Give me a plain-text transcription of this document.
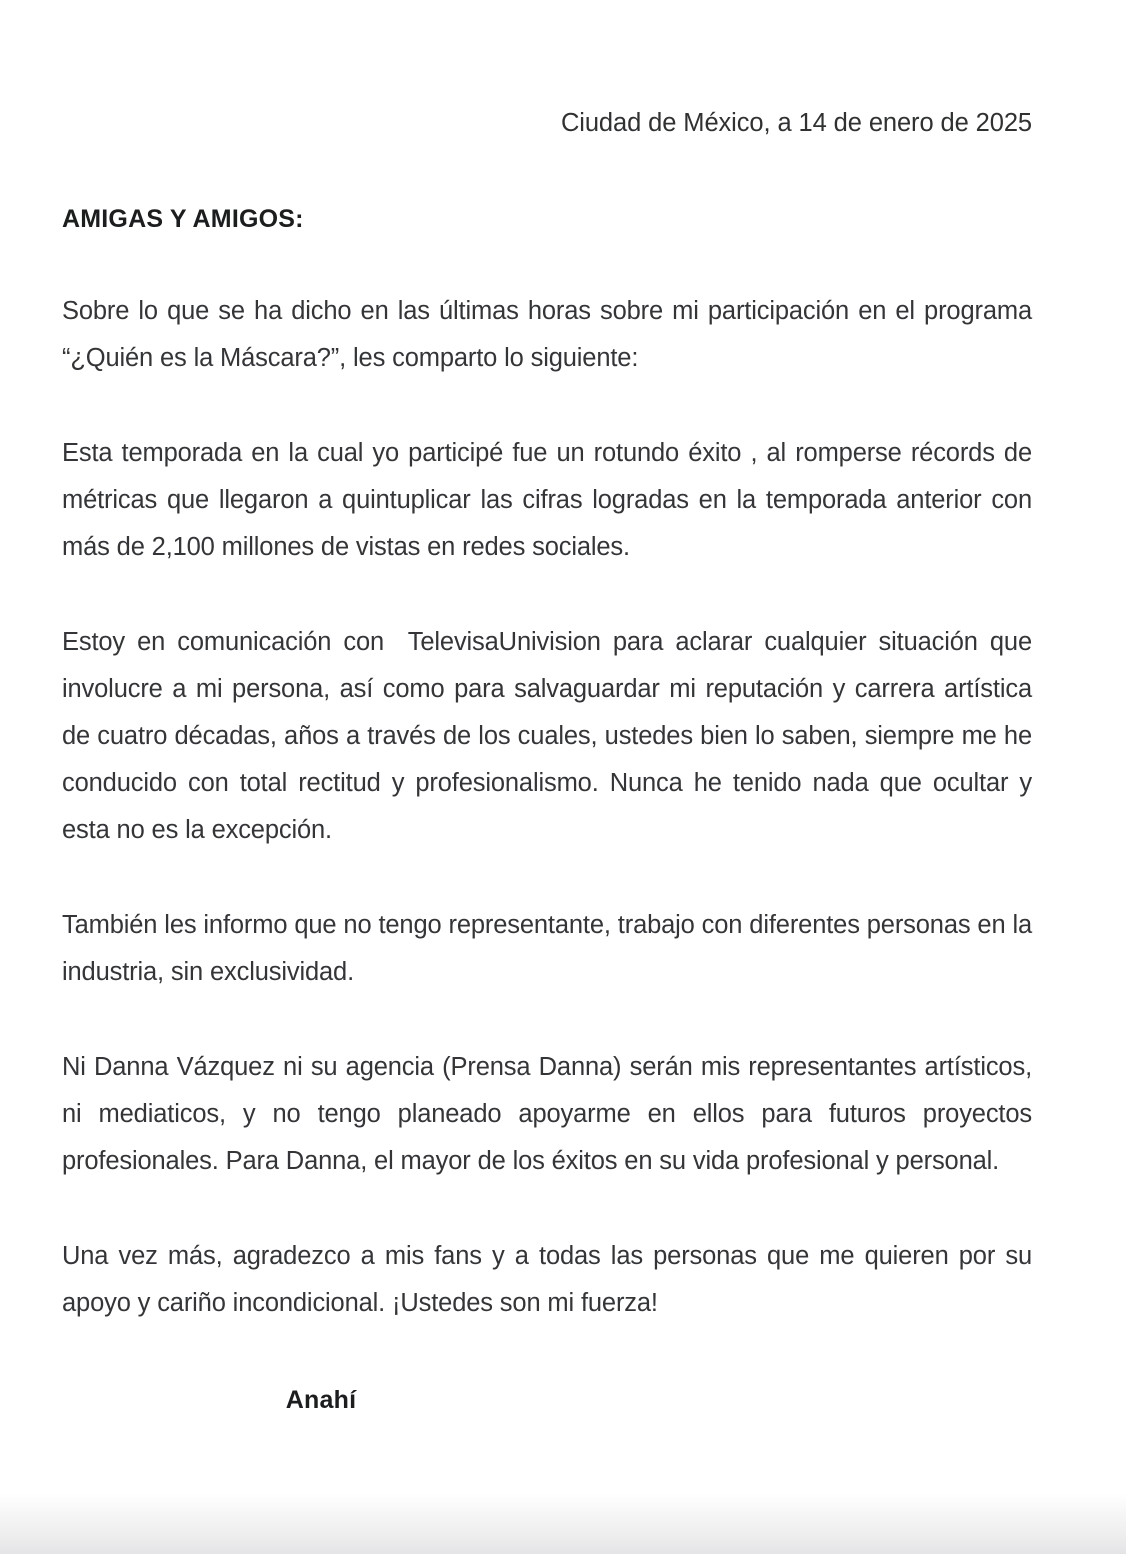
Ciudad de México, a 14 de enero de 2025
AMIGAS Y AMIGOS:

Sobre lo que se ha dicho en las últimas horas sobre mi participación en el programa  “¿Quién es la Máscara?”, les comparto lo siguiente:

Esta temporada en la cual yo participé fue un rotundo éxito , al romperse récords de métricas que llegaron a quintuplicar las cifras logradas en la temporada anterior con más de 2,100 millones de vistas en redes sociales.

Estoy en comunicación con  TelevisaUnivision para aclarar cualquier situación que involucre a mi persona, así como para salvaguardar mi reputación y carrera artística de cuatro décadas, años a través de los cuales, ustedes bien lo saben, siempre me he conducido con total rectitud y profesionalismo. Nunca he tenido nada que ocultar y esta no es la excepción.

También les informo que no tengo representante, trabajo con diferentes personas en la industria, sin exclusividad.

Ni Danna Vázquez ni su agencia (Prensa Danna) serán mis representantes artísticos, ni mediaticos, y no tengo planeado apoyarme en ellos para futuros proyectos profesionales. Para Danna, el mayor de los éxitos en su vida profesional y personal.

Una vez más, agradezco a mis fans y a todas las personas que me quieren por su apoyo y cariño incondicional. ¡Ustedes son mi fuerza!

Anahí
